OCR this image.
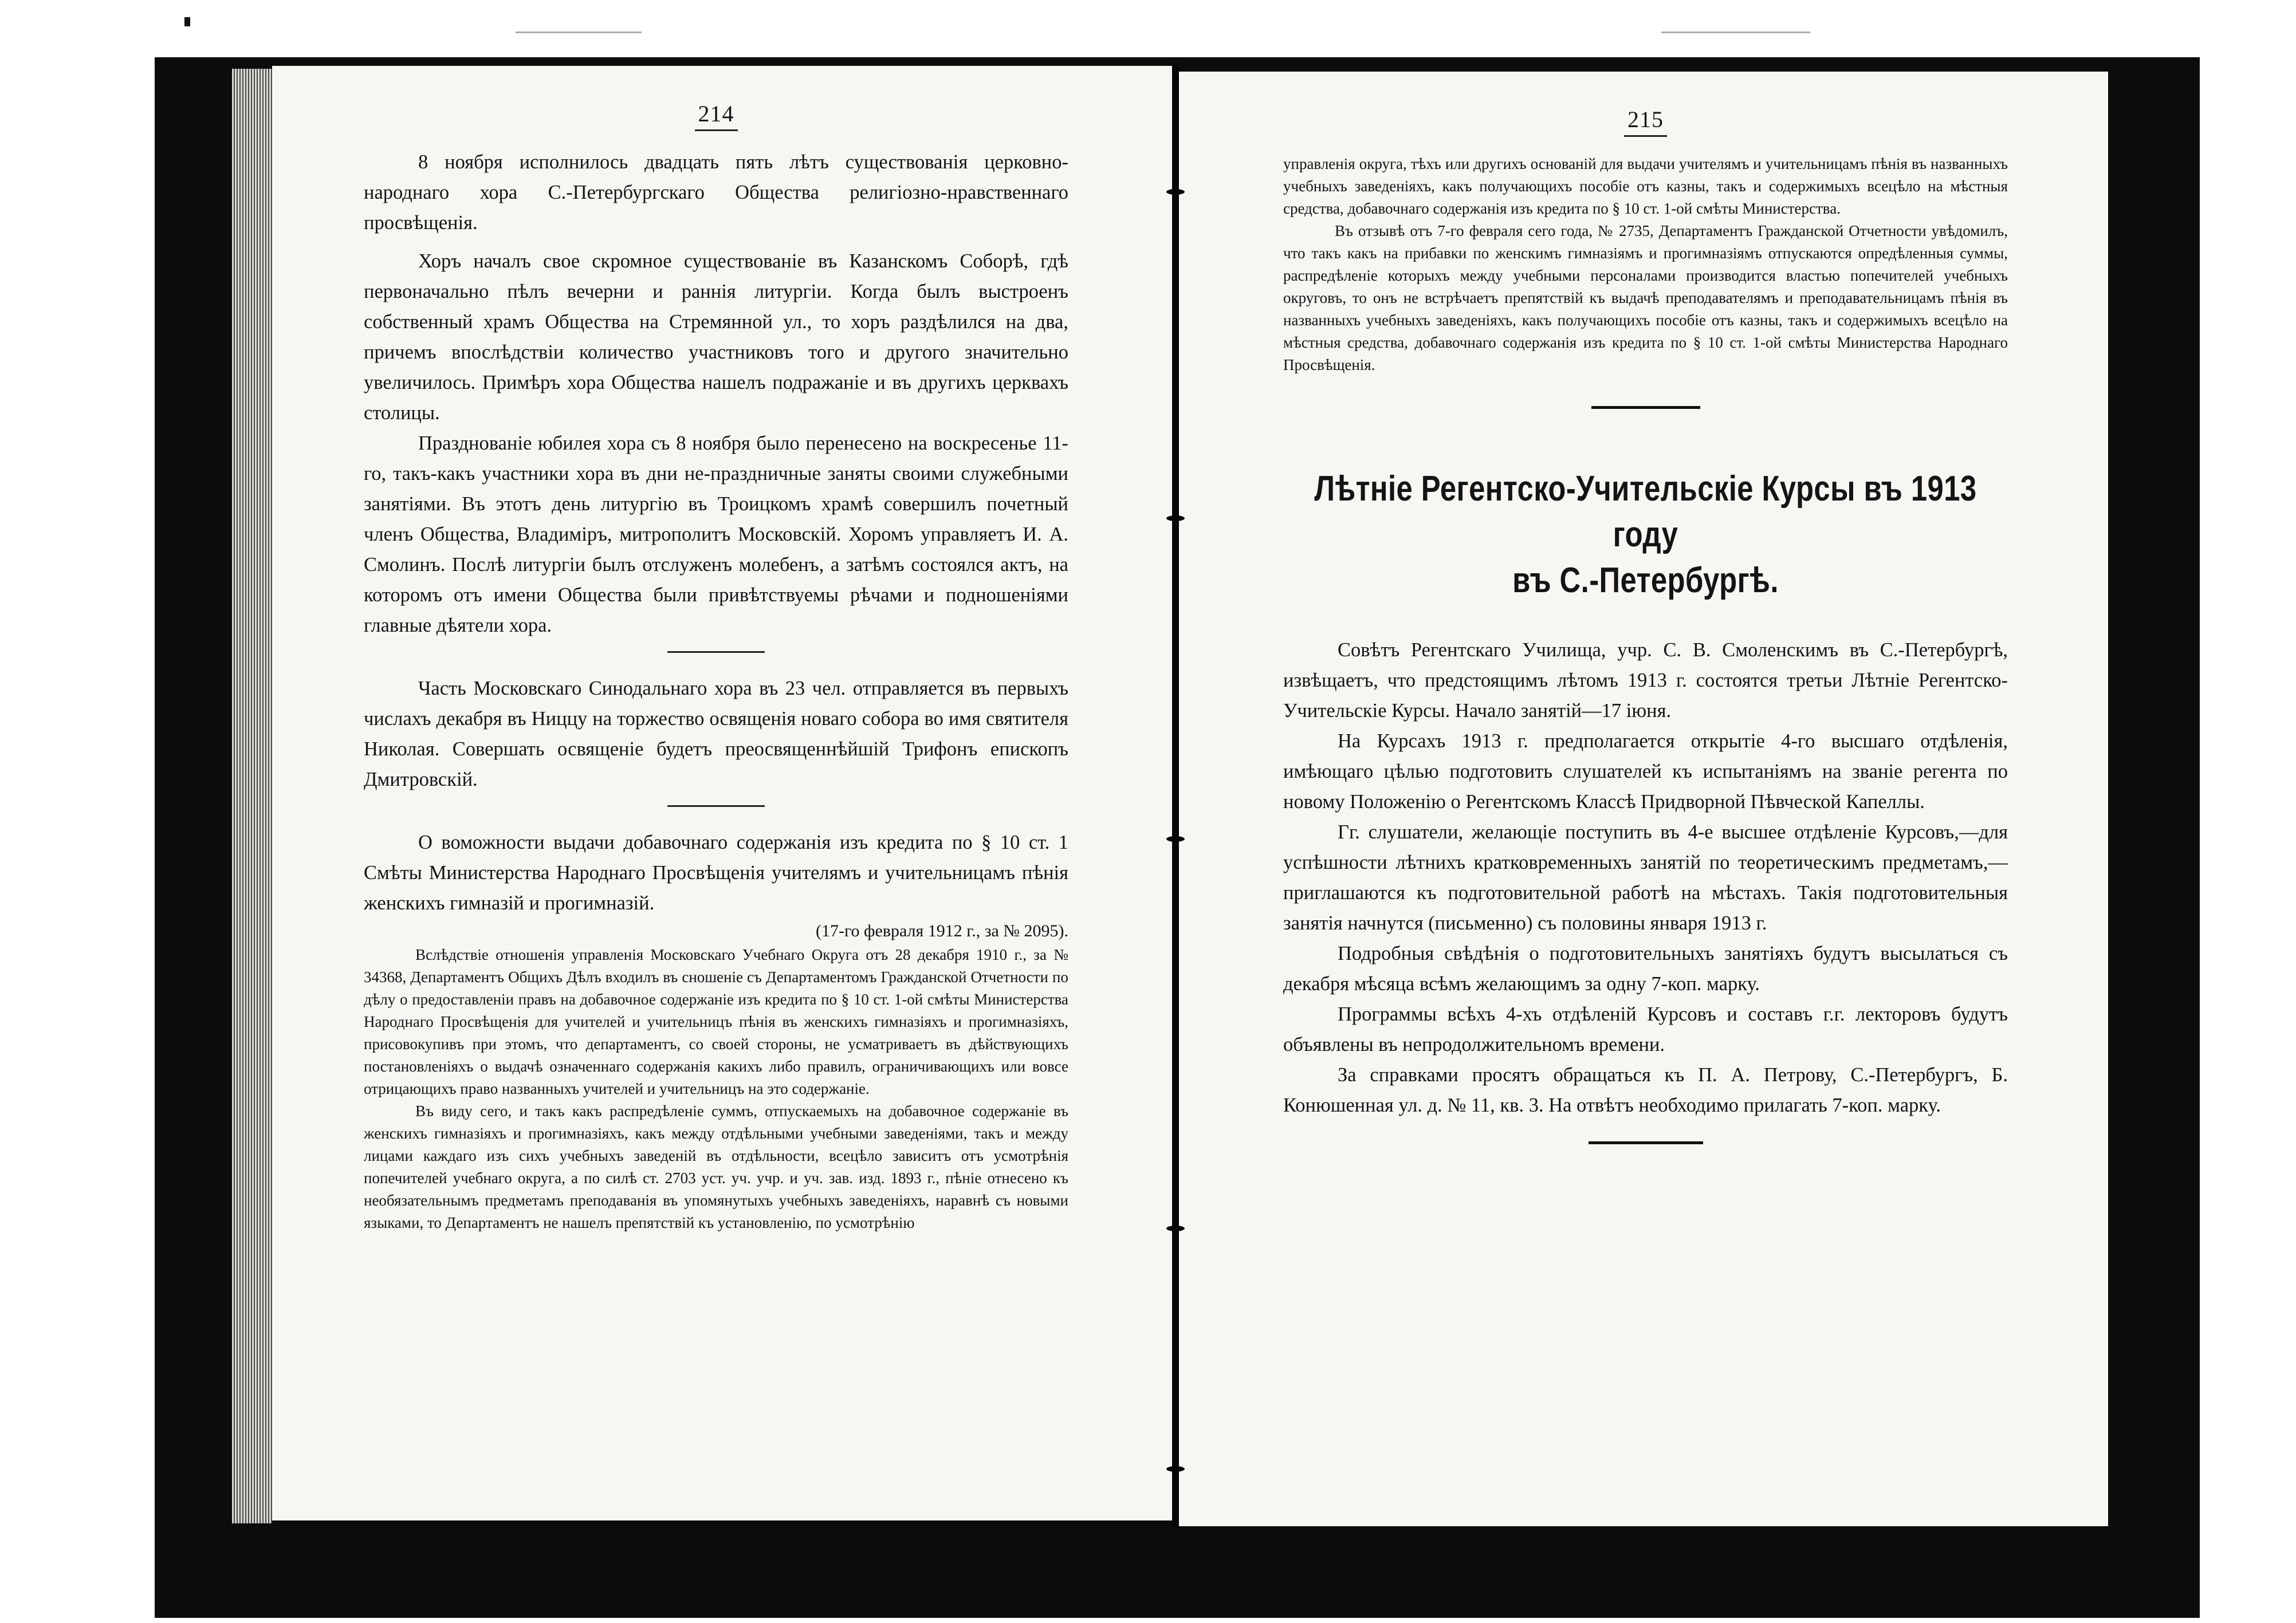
214

8 ноября исполнилось двадцать пять лѣтъ существованія церковно-народнаго хора С.-Петербургскаго Общества религіозно-нравственнаго просвѣщенія.

Хоръ началъ свое скромное существованіе въ Казанскомъ Соборѣ, гдѣ первоначально пѣлъ вечерни и раннія литургіи. Когда былъ выстроенъ собственный храмъ Общества на Стремянной ул., то хоръ раздѣлился на два, причемъ впослѣдствіи количество участниковъ того и другого значительно увеличилось. Примѣръ хора Общества нашелъ подражаніе и въ другихъ церквахъ столицы.

Празднованіе юбилея хора съ 8 ноября было перенесено на воскресенье 11-го, такъ-какъ участники хора въ дни не-праздничные заняты своими служебными занятіями. Въ этотъ день литургію въ Троицкомъ храмѣ совершилъ почетный членъ Общества, Владиміръ, митрополитъ Московскій. Хоромъ управляетъ И. А. Смолинъ. Послѣ литургіи былъ отслуженъ молебенъ, а затѣмъ состоялся актъ, на которомъ отъ имени Общества были привѣтствуемы рѣчами и подношеніями главные дѣятели хора.

Часть Московскаго Синодальнаго хора въ 23 чел. отправляется въ первыхъ числахъ декабря въ Ниццу на торжество освященія новаго собора во имя святителя Николая. Совершать освященіе будетъ преосвященнѣйшій Трифонъ епископъ Дмитровскій.

О воможности выдачи добавочнаго содержанія изъ кредита по § 10 ст. 1 Смѣты Министерства Народнаго Просвѣщенія учителямъ и учительницамъ пѣнія женскихъ гимназій и прогимназій.

(17-го февраля 1912 г., за № 2095).

Вслѣдствіе отношенія управленія Московскаго Учебнаго Округа отъ 28 декабря 1910 г., за № 34368, Департаментъ Общихъ Дѣлъ входилъ въ сношеніе съ Департаментомъ Гражданской Отчетности по дѣлу о предоставленіи правъ на добавочное содержаніе изъ кредита по § 10 ст. 1-ой смѣты Министерства Народнаго Просвѣщенія для учителей и учительницъ пѣнія въ женскихъ гимназіяхъ и прогимназіяхъ, присовокупивъ при этомъ, что департаментъ, со своей стороны, не усматриваетъ въ дѣйствующихъ постановленіяхъ о выдачѣ означеннаго содержанія какихъ либо правилъ, ограничивающихъ или вовсе отрицающихъ право названныхъ учителей и учительницъ на это содержаніе.

Въ виду сего, и такъ какъ распредѣленіе суммъ, отпускаемыхъ на добавочное содержаніе въ женскихъ гимназіяхъ и прогимназіяхъ, какъ между отдѣльными учебными заведеніями, такъ и между лицами каждаго изъ сихъ учебныхъ заведеній въ отдѣльности, всецѣло зависитъ отъ усмотрѣнія попечителей учебнаго округа, а по силѣ ст. 2703 уст. уч. учр. и уч. зав. изд. 1893 г., пѣніе отнесено къ необязательнымъ предметамъ преподаванія въ упомянутыхъ учебныхъ заведеніяхъ, наравнѣ съ новыми языками, то Департаментъ не нашелъ препятствій къ установленію, по усмотрѣнію

215

управленія округа, тѣхъ или другихъ основаній для выдачи учителямъ и учительницамъ пѣнія въ названныхъ учебныхъ заведеніяхъ, какъ получающихъ пособіе отъ казны, такъ и содержимыхъ всецѣло на мѣстныя средства, добавочнаго содержанія изъ кредита по § 10 ст. 1-ой смѣты Министерства.

Въ отзывѣ отъ 7-го февраля сего года, № 2735, Департаментъ Гражданской Отчетности увѣдомилъ, что такъ какъ на прибавки по женскимъ гимназіямъ и прогимназіямъ отпускаются опредѣленныя суммы, распредѣленіе которыхъ между учебными персоналами производится властью попечителей учебныхъ округовъ, то онъ не встрѣчаетъ препятствій къ выдачѣ преподавателямъ и преподавательницамъ пѣнія въ названныхъ учебныхъ заведеніяхъ, какъ получающихъ пособіе отъ казны, такъ и содержимыхъ всецѣло на мѣстныя средства, добавочнаго содержанія изъ кредита по § 10 ст. 1-ой смѣты Министерства Народнаго Просвѣщенія.

Лѣтніе Регентско-Учительскіе Курсы въ 1913 году
въ С.-Петербургѣ.

Совѣтъ Регентскаго Училища, учр. С. В. Смоленскимъ въ С.-Петербургѣ, извѣщаетъ, что предстоящимъ лѣтомъ 1913 г. состоятся третьи Лѣтніе Регентско-Учительскіе Курсы. Начало занятій—17 іюня.

На Курсахъ 1913 г. предполагается открытіе 4-го высшаго отдѣленія, имѣющаго цѣлью подготовить слушателей къ испытаніямъ на званіе регента по новому Положенію о Регентскомъ Классѣ Придворной Пѣвческой Капеллы.

Гг. слушатели, желающіе поступить въ 4-е высшее отдѣленіе Курсовъ,—для успѣшности лѣтнихъ кратковременныхъ занятій по теоретическимъ предметамъ,—приглашаются къ подготовительной работѣ на мѣстахъ. Такія подготовительныя занятія начнутся (письменно) съ половины января 1913 г.

Подробныя свѣдѣнія о подготовительныхъ занятіяхъ будутъ высылаться съ декабря мѣсяца всѣмъ желающимъ за одну 7-коп. марку.

Программы всѣхъ 4-хъ отдѣленій Курсовъ и составъ г.г. лекторовъ будутъ объявлены въ непродолжительномъ времени.

За справками просятъ обращаться къ П. А. Петрову, С.-Петербургъ, Б. Конюшенная ул. д. № 11, кв. 3. На отвѣтъ необходимо прилагать 7-коп. марку.
